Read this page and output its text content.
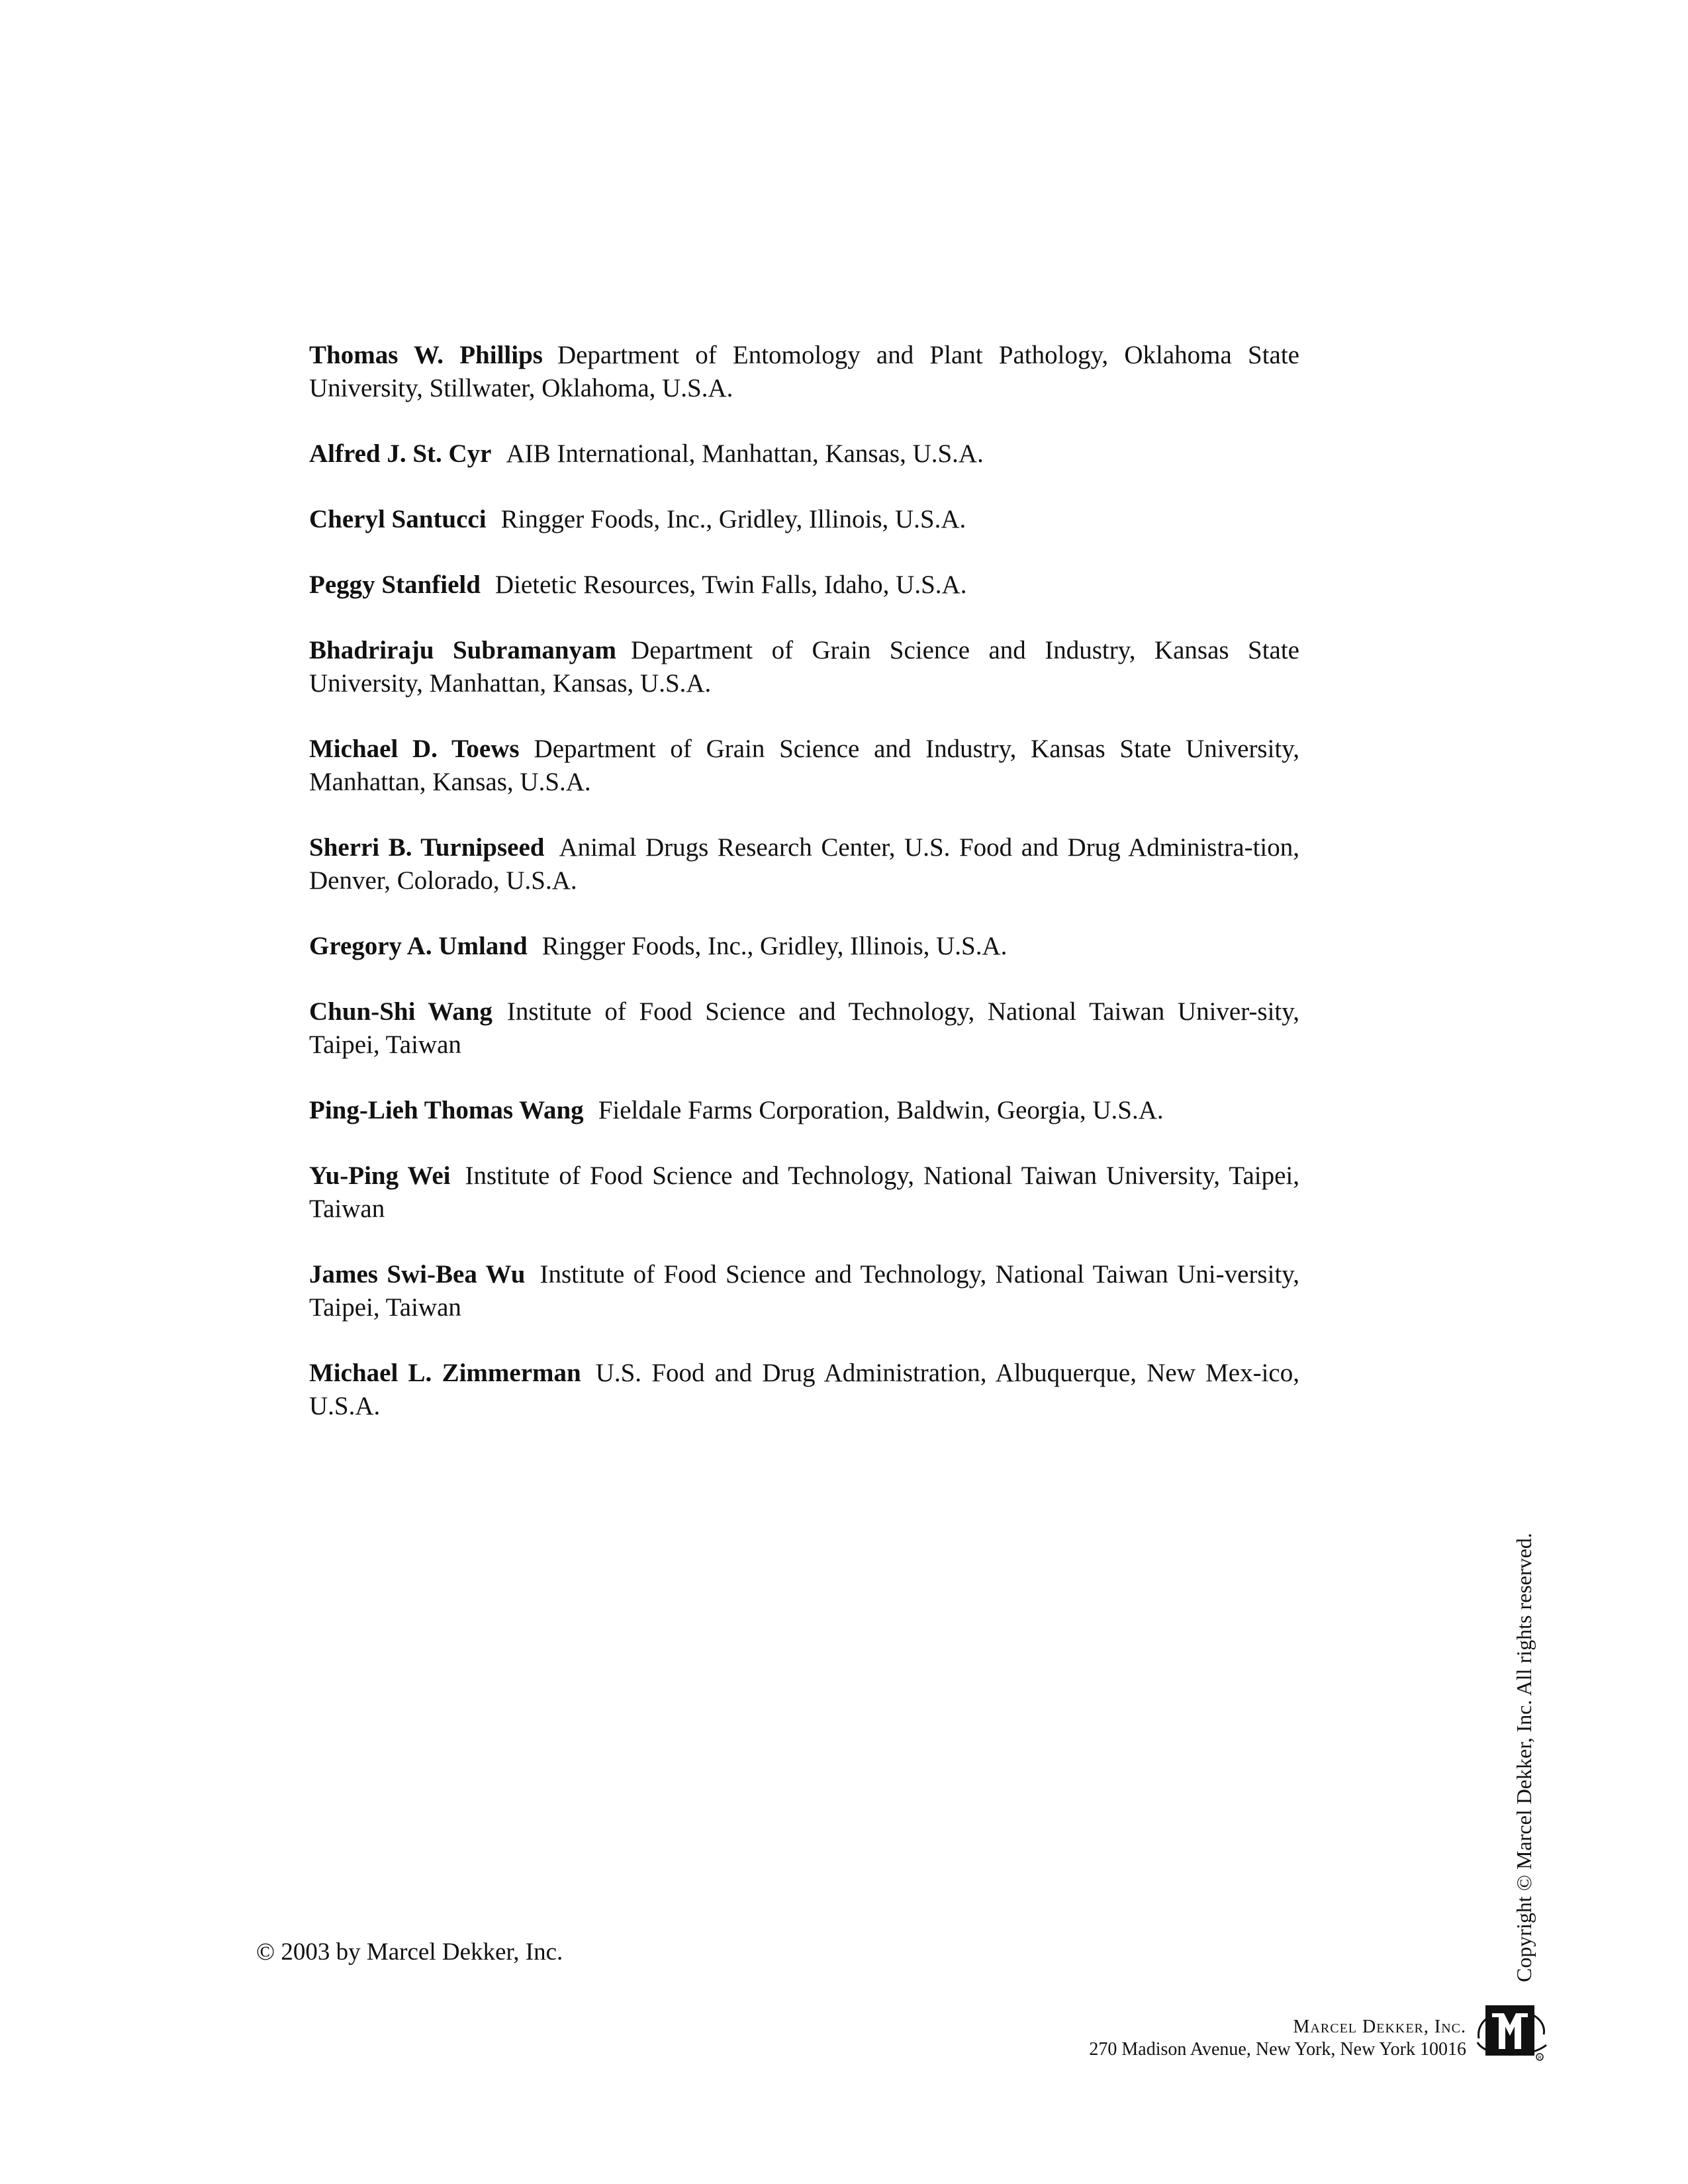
Thomas W. Phillips Department of Entomology and Plant Pathology, Oklahoma State University, Stillwater, Oklahoma, U.S.A.
Alfred J. St. Cyr AIB International, Manhattan, Kansas, U.S.A.
Cheryl Santucci Ringger Foods, Inc., Gridley, Illinois, U.S.A.
Peggy Stanfield Dietetic Resources, Twin Falls, Idaho, U.S.A.
Bhadriraju Subramanyam Department of Grain Science and Industry, Kansas State University, Manhattan, Kansas, U.S.A.
Michael D. Toews Department of Grain Science and Industry, Kansas State University, Manhattan, Kansas, U.S.A.
Sherri B. Turnipseed Animal Drugs Research Center, U.S. Food and Drug Administra-tion, Denver, Colorado, U.S.A.
Gregory A. Umland Ringger Foods, Inc., Gridley, Illinois, U.S.A.
Chun-Shi Wang Institute of Food Science and Technology, National Taiwan Univer-sity, Taipei, Taiwan
Ping-Lieh Thomas Wang Fieldale Farms Corporation, Baldwin, Georgia, U.S.A.
Yu-Ping Wei Institute of Food Science and Technology, National Taiwan University, Taipei, Taiwan
James Swi-Bea Wu Institute of Food Science and Technology, National Taiwan Uni-versity, Taipei, Taiwan
Michael L. Zimmerman U.S. Food and Drug Administration, Albuquerque, New Mex-ico, U.S.A.
© 2003 by Marcel Dekker, Inc.	Copyright © Marcel Dekker, Inc. All rights reserved.
Marcel Dekker, Inc.
270 Madison Avenue, New York, New York 10016	R
